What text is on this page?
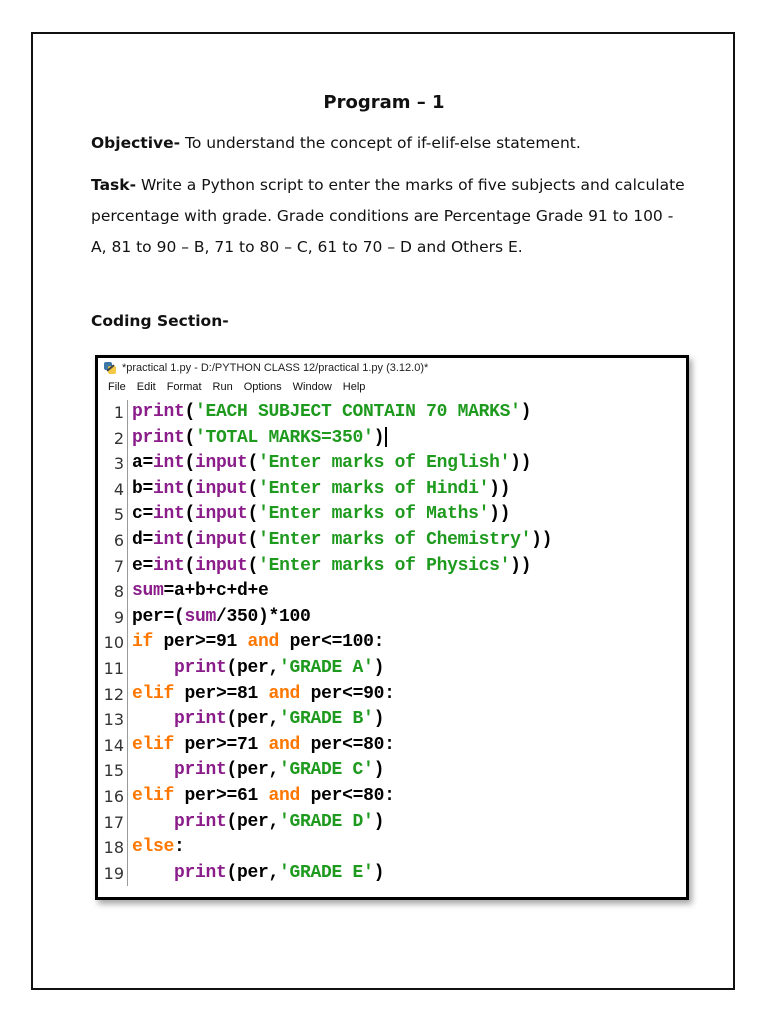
Program – 1
Objective- To understand the concept of if-elif-else statement.
Task- Write a Python script to enter the marks of five subjects and calculate percentage with grade. Grade conditions are Percentage Grade 91 to 100 - A, 81 to 90 – B, 71 to 80 – C, 61 to 70 – D and Others E.
Coding Section-
*practical 1.py - D:/PYTHON CLASS 12/practical 1.py (3.12.0)*
File Edit Format Run Options Window Help
1
2
3
4
5
6
7
8
9
10
11
12
13
14
15
16
17
18
19
print('EACH SUBJECT CONTAIN 70 MARKS')
print('TOTAL MARKS=350')
a=int(input('Enter marks of English'))
b=int(input('Enter marks of Hindi'))
c=int(input('Enter marks of Maths'))
d=int(input('Enter marks of Chemistry'))
e=int(input('Enter marks of Physics'))
sum=a+b+c+d+e
per=(sum/350)*100
if per>=91 and per<=100:
print(per,'GRADE A')
elif per>=81 and per<=90:
print(per,'GRADE B')
elif per>=71 and per<=80:
print(per,'GRADE C')
elif per>=61 and per<=80:
print(per,'GRADE D')
else:
print(per,'GRADE E')
